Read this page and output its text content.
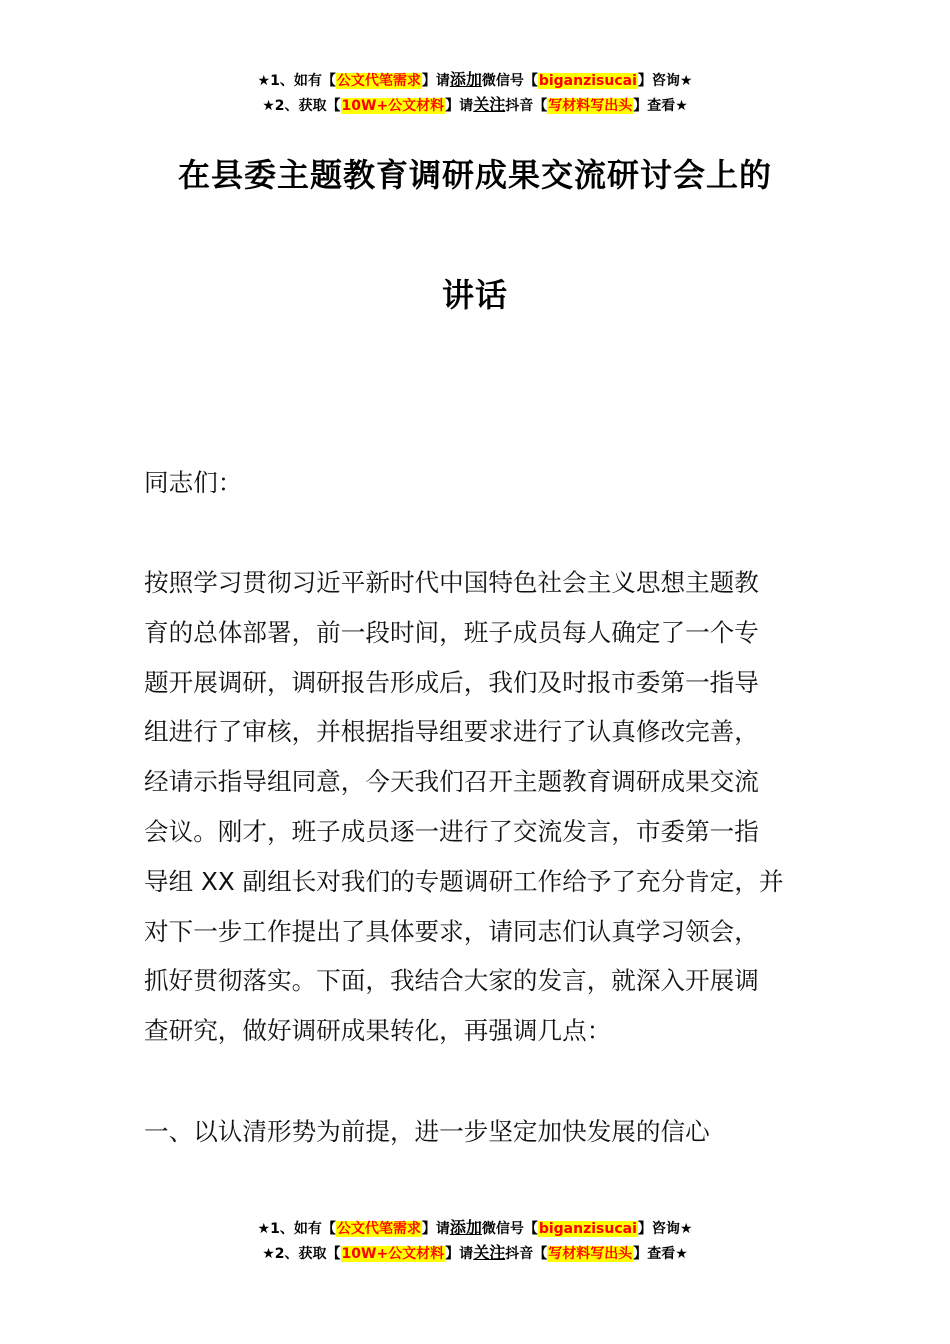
★1、如有【公文代笔需求】请添加微信号【biganzisucai】咨询★
★2、获取【10W+公文材料】请关注抖音【写材料写出头】查看★
在县委主题教育调研成果交流研讨会上的
讲话
同志们：
按照学习贯彻习近平新时代中国特色社会主义思想主题教
育的总体部署，前一段时间，班子成员每人确定了一个专
题开展调研，调研报告形成后，我们及时报市委第一指导
组进行了审核，并根据指导组要求进行了认真修改完善，
经请示指导组同意，今天我们召开主题教育调研成果交流
会议。刚才，班子成员逐一进行了交流发言，市委第一指
导组 XX 副组长对我们的专题调研工作给予了充分肯定，并
对下一步工作提出了具体要求，请同志们认真学习领会，
抓好贯彻落实。下面，我结合大家的发言，就深入开展调
查研究，做好调研成果转化，再强调几点：
一、以认清形势为前提，进一步坚定加快发展的信心
★1、如有【公文代笔需求】请添加微信号【biganzisucai】咨询★
★2、获取【10W+公文材料】请关注抖音【写材料写出头】查看★
